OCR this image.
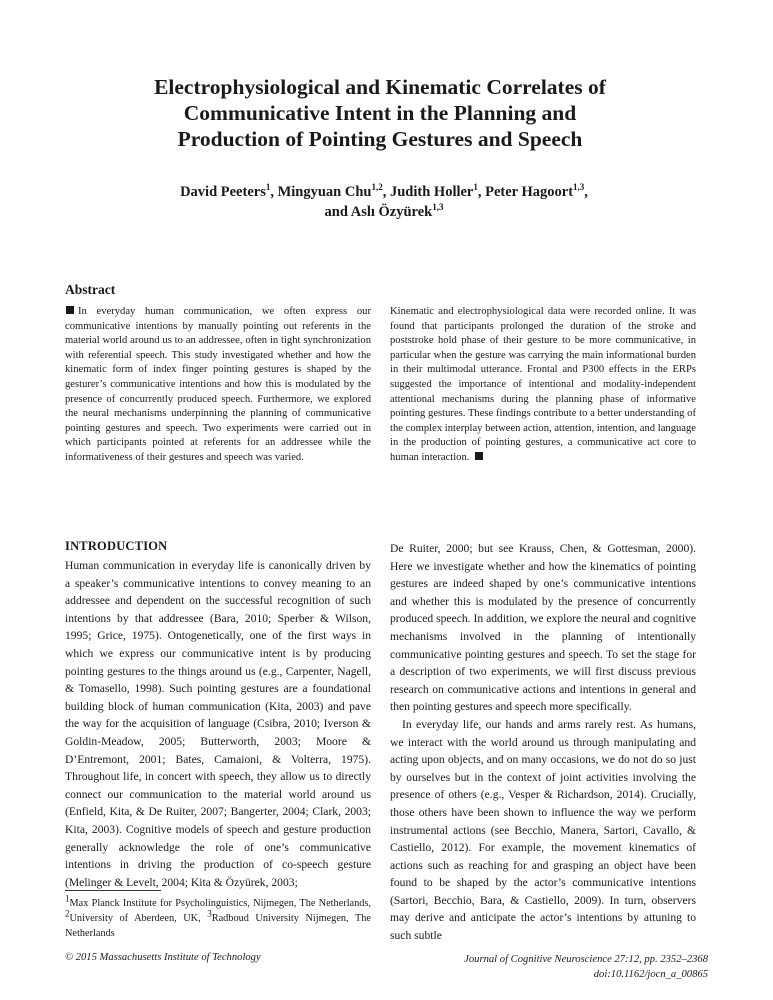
Electrophysiological and Kinematic Correlates of
Communicative Intent in the Planning and
Production of Pointing Gestures and Speech
David Peeters$^1$, Mingyuan Chu$^{1,2}$, Judith Holler$^1$, Peter Hagoort$^{1,3}$,
and Aslı Özyürek$^{1,3}$
Abstract
In everyday human communication, we often express our communicative intentions by manually pointing out referents in the material world around us to an addressee, often in tight synchronization with referential speech. This study investigated whether and how the kinematic form of index finger pointing gestures is shaped by the gesturer’s communicative intentions and how this is modulated by the presence of concurrently produced speech. Furthermore, we explored the neural mechanisms underpinning the planning of communicative pointing gestures and speech. Two experiments were carried out in which participants pointed at referents for an addressee while the informativeness of their gestures and speech was varied.
Kinematic and electrophysiological data were recorded online. It was found that participants prolonged the duration of the stroke and poststroke hold phase of their gesture to be more communicative, in particular when the gesture was carrying the main informational burden in their multimodal utterance. Frontal and P300 effects in the ERPs suggested the importance of intentional and modality-independent attentional mechanisms during the planning phase of informative pointing gestures. These findings contribute to a better understanding of the complex interplay between action, attention, intention, and language in the production of pointing gestures, a communicative act core to human interaction.
INTRODUCTION

Human communication in everyday life is canonically driven by a speaker’s communicative intentions to convey meaning to an addressee and dependent on the successful recognition of such intentions by that addressee (Bara, 2010; Sperber & Wilson, 1995; Grice, 1975). Ontogenetically, one of the first ways in which we express our communicative intent is by producing pointing gestures to the things around us (e.g., Carpenter, Nagell, & Tomasello, 1998). Such pointing gestures are a foundational building block of human communication (Kita, 2003) and pave the way for the acquisition of language (Csibra, 2010; Iverson & Goldin-Meadow, 2005; Butterworth, 2003; Moore & D’Entremont, 2001; Bates, Camaioni, & Volterra, 1975). Throughout life, in concert with speech, they allow us to directly connect our communication to the material world around us (Enfield, Kita, & De Ruiter, 2007; Bangerter, 2004; Clark, 2003; Kita, 2003). Cognitive models of speech and gesture production generally acknowledge the role of one’s communicative intentions in driving the production of co-speech gesture (Melinger & Levelt, 2004; Kita & Özyürek, 2003;

De Ruiter, 2000; but see Krauss, Chen, & Gottesman, 2000). Here we investigate whether and how the kinematics of pointing gestures are indeed shaped by one’s communicative intentions and whether this is modulated by the presence of concurrently produced speech. In addition, we explore the neural and cognitive mechanisms involved in the planning of intentionally communicative pointing gestures and speech. To set the stage for a description of two experiments, we will first discuss previous research on communicative actions and intentions in general and then pointing gestures and speech more specifically.

In everyday life, our hands and arms rarely rest. As humans, we interact with the world around us through manipulating and acting upon objects, and on many occasions, we do not do so just by ourselves but in the context of joint activities involving the presence of others (e.g., Vesper & Richardson, 2014). Crucially, those others have been shown to influence the way we perform instrumental actions (see Becchio, Manera, Sartori, Cavallo, & Castiello, 2012). For example, the movement kinematics of actions such as reaching for and grasping an object have been found to be shaped by the actor’s communicative intentions (Sartori, Becchio, Bara, & Castiello, 2009). In turn, observers may derive and anticipate the actor’s intentions by attuning to such subtle

$^1$Max Planck Institute for Psycholinguistics, Nijmegen, The Netherlands, $^2$University of Aberdeen, UK, $^3$Radboud University Nijmegen, The Netherlands
© 2015 Massachusetts Institute of Technology	Journal of Cognitive Neuroscience 27:12, pp. 2352–2368
doi:10.1162/jocn_a_00865
